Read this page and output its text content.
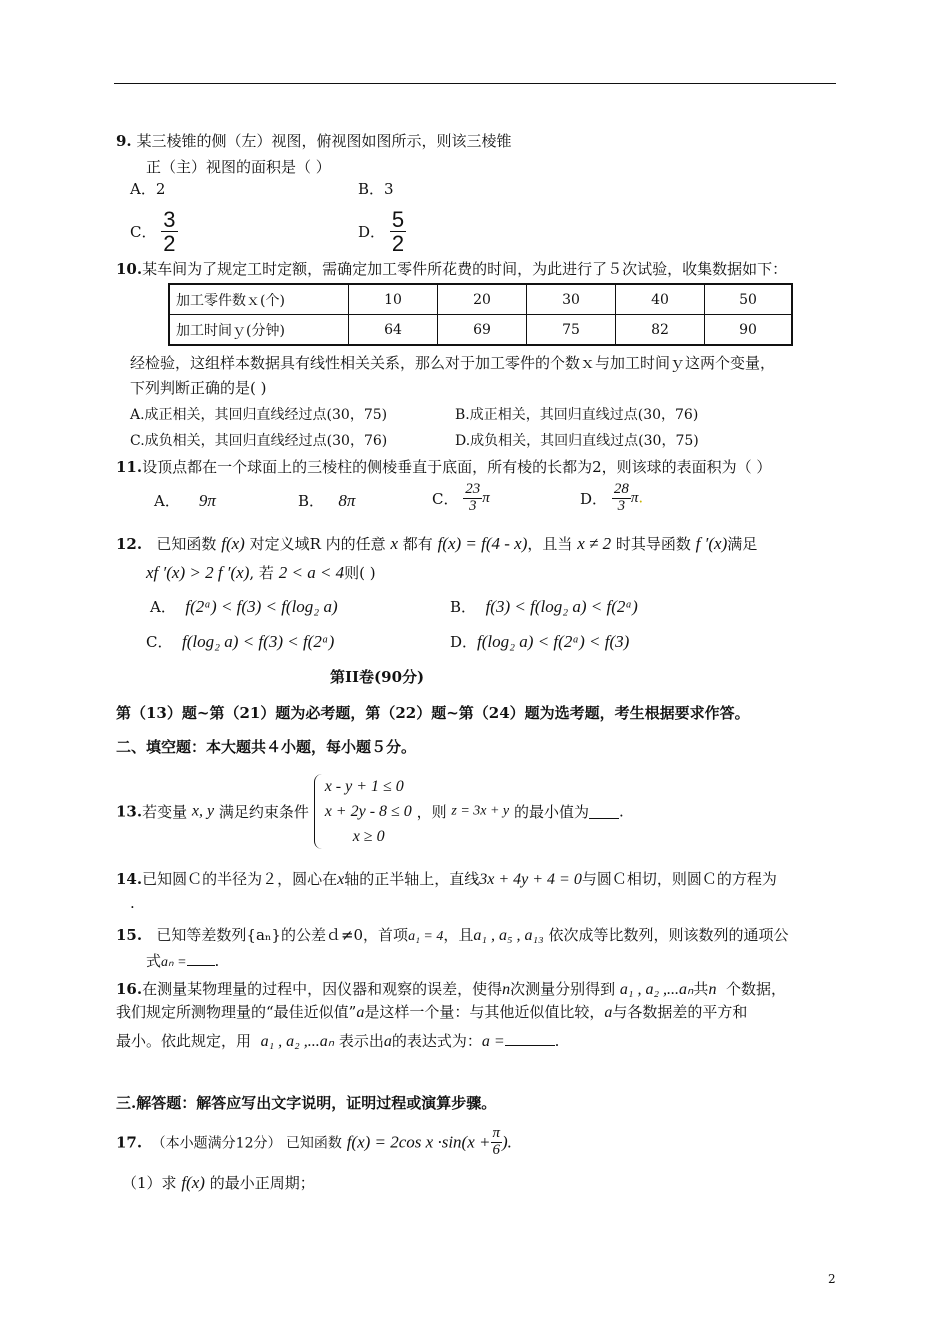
9. 某三棱锥的侧（左）视图，俯视图如图所示，则该三棱锥
正（主）视图的面积是（ ）
A．2	B．3
C． $\frac{3}{2}$	D． $\frac{5}{2}$
10.某车间为了规定工时定额，需确定加工零件所花费的时间，为此进行了５次试验，收集数据如下：
加工零件数ｘ(个)	10	20	30	40	50
加工时间ｙ(分钟)	64	69	75	82	90
经检验，这组样本数据具有线性相关关系，那么对于加工零件的个数ｘ与加工时间ｙ这两个变量，
下列判断正确的是( )
A.成正相关，其回归直线经过点(30，75)	B.成正相关，其回归直线过点(30，76)
C.成负相关，其回归直线经过点(30，76)	D.成负相关，其回归直线过点(30，75)
11.设顶点都在一个球面上的三棱柱的侧棱垂直于底面，所有棱的长都为2，则该球的表面积为（ ）
A． 9π	B． 8π	C． $\frac{23}{3}$ π	D． $\frac{28}{3} \pi$.
12. 已知函数 f(x) 对定义域R 内的任意 x 都有 f(x) = f(4 - x)，且当 x ≠ 2 时其导函数 f ′(x)满足
xf ′(x) > 2 f ′(x), 若 2 < a < 4则( )
A． f(2ᵃ) < f(3) < f(log₂ a)	B． f(3) < f(log₂ a) < f(2ᵃ)
C． f(log₂ a) < f(3) < f(2ᵃ)	D．f(log₂ a) < f(2ᵃ) < f(3)
第II卷(90分)
第（13）题~第（21）题为必考题，第（22）题~第（24）题为选考题，考生根据要求作答。
二、填空题：本大题共４小题，每小题５分。
13.若变量 x, y 满足约束条件
x - y + 1 ≤ 0
x + 2y - 8 ≤ 0
x ≥ 0
，则 z = 3x + y 的最小值为 .
14.已知圆Ｃ的半径为２，圆心在x轴的正半轴上，直线3x + 4y + 4 = 0与圆Ｃ相切，则圆Ｃ的方程为
.
15. 已知等差数列{aₙ}的公差ｄ≠0，首项a₁ = 4，且a₁ , a₅ , a₁₃ 依次成等比数列，则该数列的通项公
式aₙ = .
16.在测量某物理量的过程中，因仪器和观察的误差，使得n次测量分别得到 a₁ , a₂ ,...aₙ共n 个数据，
我们规定所测物理量的“最佳近似值”a是这样一个量：与其他近似值比较，a与各数据差的平方和
最小。依此规定，用 a₁ , a₂ ,...aₙ 表示出a的表达式为：a =	.
三.解答题：解答应写出文字说明，证明过程或演算步骤。
17. （本小题满分12分） 已知函数 f(x) = 2cos $x \cdot\sin(x + \frac{\pi}{6}$ ).
（1）求 f(x) 的最小正周期；
2
